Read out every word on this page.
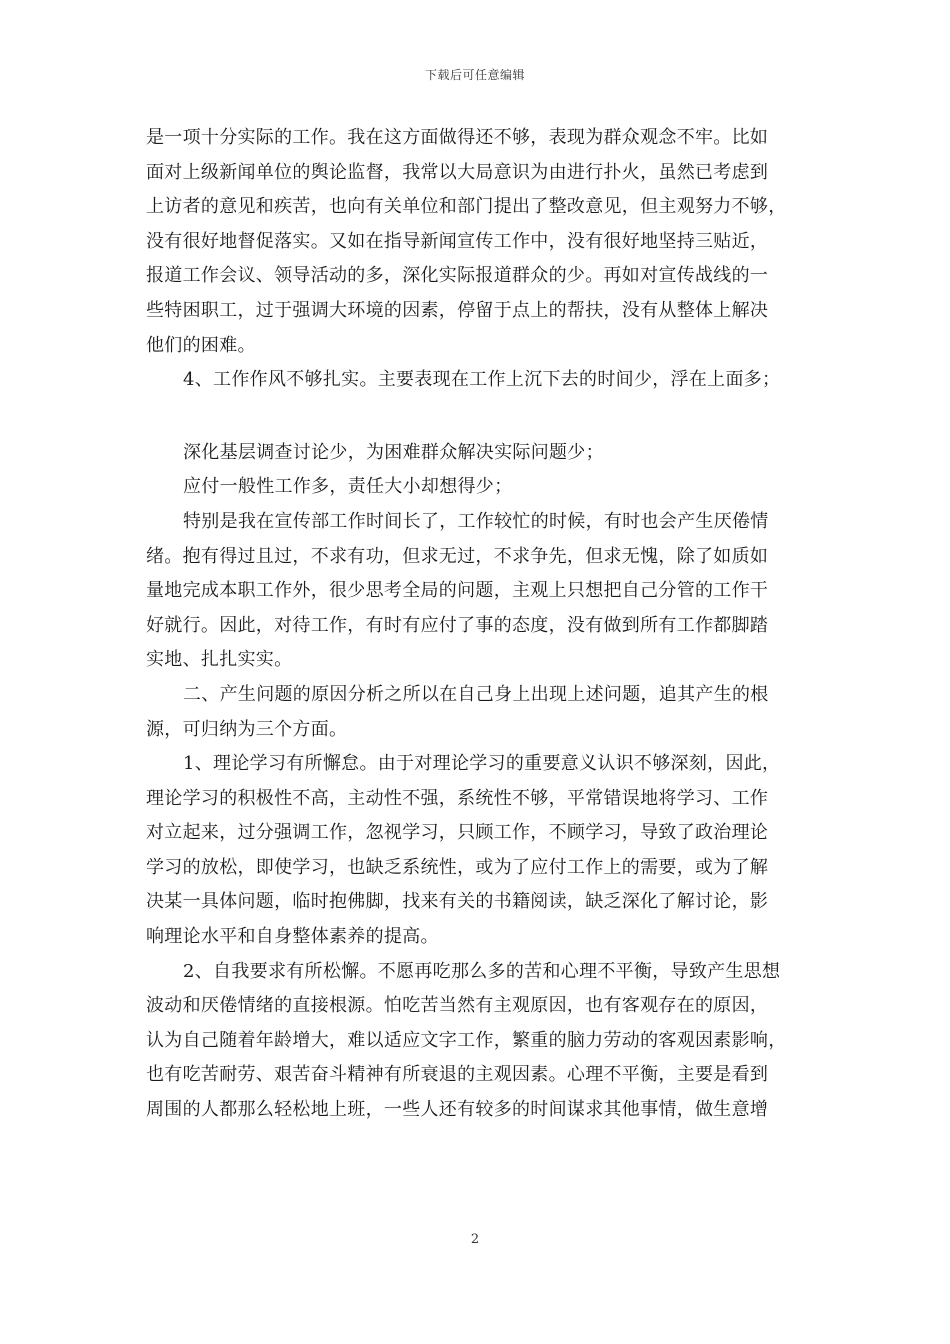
下载后可任意编辑
是一项十分实际的工作。我在这方面做得还不够，表现为群众观念不牢。比如
面对上级新闻单位的舆论监督，我常以大局意识为由进行扑火，虽然已考虑到
上访者的意见和疾苦，也向有关单位和部门提出了整改意见，但主观努力不够，
没有很好地督促落实。又如在指导新闻宣传工作中，没有很好地坚持三贴近，
报道工作会议、领导活动的多，深化实际报道群众的少。再如对宣传战线的一
些特困职工，过于强调大环境的因素，停留于点上的帮扶，没有从整体上解决
他们的困难。
4、工作作风不够扎实。主要表现在工作上沉下去的时间少，浮在上面多；
深化基层调查讨论少，为困难群众解决实际问题少；
应付一般性工作多，责任大小却想得少；
特别是我在宣传部工作时间长了，工作较忙的时候，有时也会产生厌倦情
绪。抱有得过且过，不求有功，但求无过，不求争先，但求无愧，除了如质如
量地完成本职工作外，很少思考全局的问题，主观上只想把自己分管的工作干
好就行。因此，对待工作，有时有应付了事的态度，没有做到所有工作都脚踏
实地、扎扎实实。
二、产生问题的原因分析之所以在自己身上出现上述问题，追其产生的根
源，可归纳为三个方面。
1、理论学习有所懈怠。由于对理论学习的重要意义认识不够深刻，因此，
理论学习的积极性不高，主动性不强，系统性不够，平常错误地将学习、工作
对立起来，过分强调工作，忽视学习，只顾工作，不顾学习，导致了政治理论
学习的放松，即使学习，也缺乏系统性，或为了应付工作上的需要，或为了解
决某一具体问题，临时抱佛脚，找来有关的书籍阅读，缺乏深化了解讨论，影
响理论水平和自身整体素养的提高。
2、自我要求有所松懈。不愿再吃那么多的苦和心理不平衡，导致产生思想
波动和厌倦情绪的直接根源。怕吃苦当然有主观原因，也有客观存在的原因，
认为自己随着年龄增大，难以适应文字工作，繁重的脑力劳动的客观因素影响，
也有吃苦耐劳、艰苦奋斗精神有所衰退的主观因素。心理不平衡，主要是看到
周围的人都那么轻松地上班，一些人还有较多的时间谋求其他事情，做生意增
2
